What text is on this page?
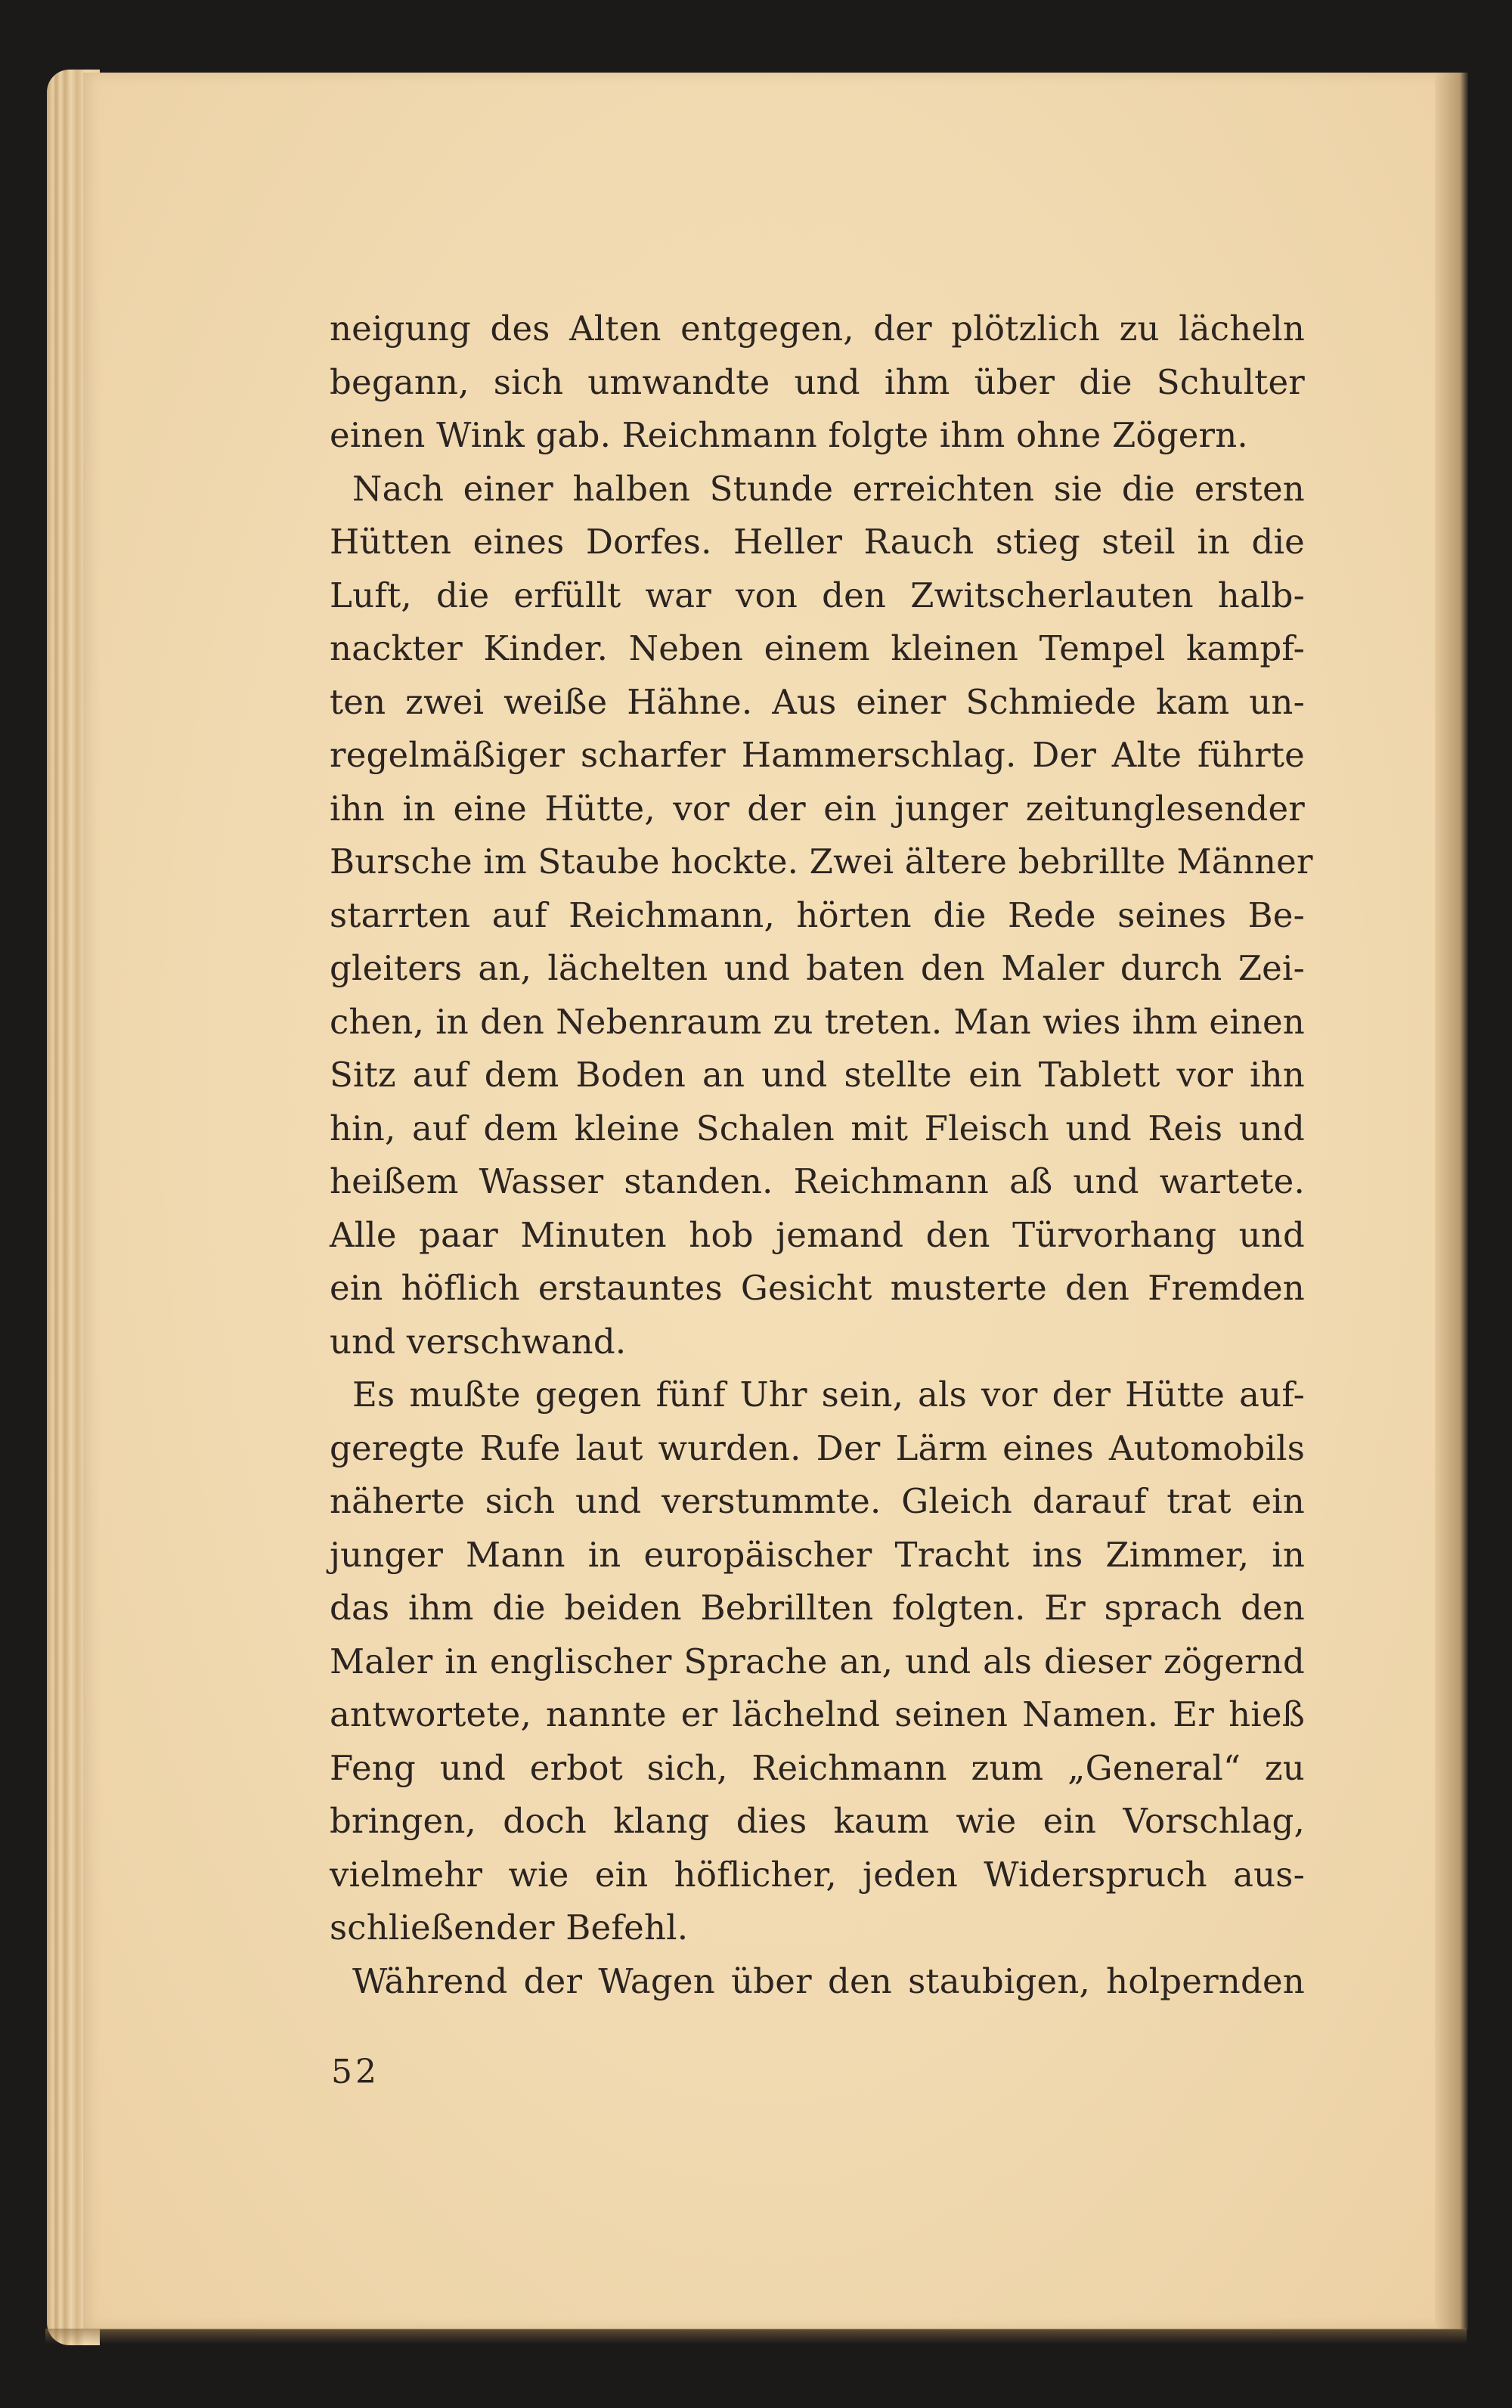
neigung des Alten entgegen, der plötzlich zu lächeln
begann, sich umwandte und ihm über die Schulter
einen Wink gab. Reichmann folgte ihm ohne Zögern.
Nach einer halben Stunde erreichten sie die ersten
Hütten eines Dorfes. Heller Rauch stieg steil in die
Luft, die erfüllt war von den Zwitscherlauten halb-
nackter Kinder. Neben einem kleinen Tempel kampf-
ten zwei weiße Hähne. Aus einer Schmiede kam un-
regelmäßiger scharfer Hammerschlag. Der Alte führte
ihn in eine Hütte, vor der ein junger zeitunglesender
Bursche im Staube hockte. Zwei ältere bebrillte Männer
starrten auf Reichmann, hörten die Rede seines Be-
gleiters an, lächelten und baten den Maler durch Zei-
chen, in den Nebenraum zu treten. Man wies ihm einen
Sitz auf dem Boden an und stellte ein Tablett vor ihn
hin, auf dem kleine Schalen mit Fleisch und Reis und
heißem Wasser standen. Reichmann aß und wartete.
Alle paar Minuten hob jemand den Türvorhang und
ein höflich erstauntes Gesicht musterte den Fremden
und verschwand.
Es mußte gegen fünf Uhr sein, als vor der Hütte auf-
geregte Rufe laut wurden. Der Lärm eines Automobils
näherte sich und verstummte. Gleich darauf trat ein
junger Mann in europäischer Tracht ins Zimmer, in
das ihm die beiden Bebrillten folgten. Er sprach den
Maler in englischer Sprache an, und als dieser zögernd
antwortete, nannte er lächelnd seinen Namen. Er hieß
Feng und erbot sich, Reichmann zum „General“ zu
bringen, doch klang dies kaum wie ein Vorschlag,
vielmehr wie ein höflicher, jeden Widerspruch aus-
schließender Befehl.
Während der Wagen über den staubigen, holpernden
52
